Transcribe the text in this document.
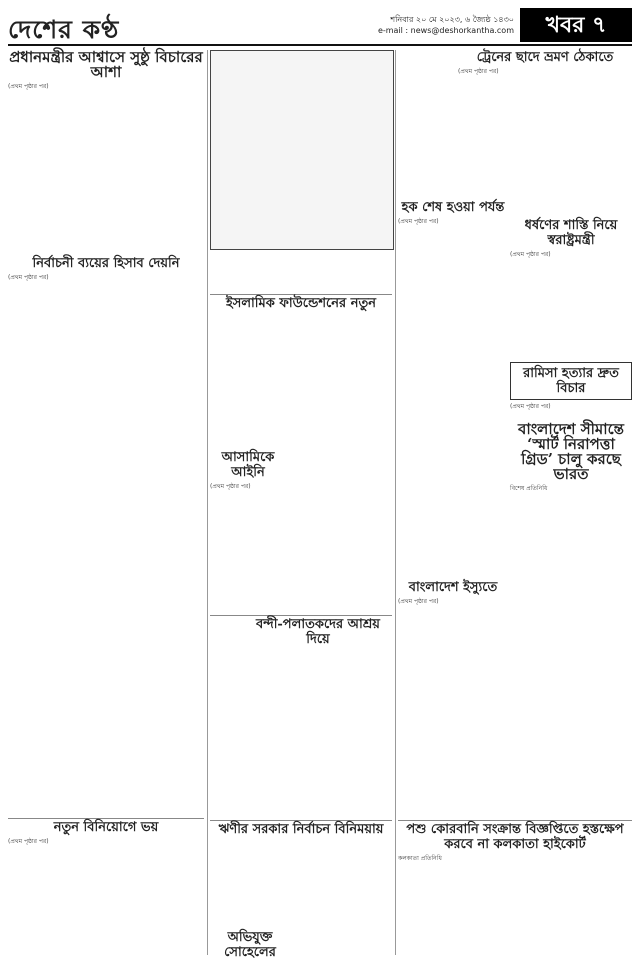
দেশের কণ্ঠ	শনিবার ২০ মে ২০২৩, ৬ জ্যৈষ্ঠ ১৪৩০
e-mail : news@deshorkantha.com	খবর ৭
প্রধানমন্ত্রীর আশ্বাসে সুষ্ঠু বিচারের আশা
(প্রথম পৃষ্ঠার পর)
নির্বাচনী ব্যয়ের হিসাব দেয়নি
(প্রথম পৃষ্ঠার পর)
নতুন বিনিয়োগে ভয়
(প্রথম পৃষ্ঠার পর)
ইসলামিক ফাউন্ডেশনের নতুন
আসামিকে আইনি
(প্রথম পৃষ্ঠার পর)
বন্দী-পলাতকদের আশ্রয় দিয়ে
ঋণীর সরকার নির্বাচন বিনিময়ায়
অভিযুক্ত সোহেলের
ট্রেনের ছাদে ভ্রমণ ঠেকাতে
(প্রথম পৃষ্ঠার পর)
হক শেষ হওয়া পর্যন্ত
(প্রথম পৃষ্ঠার পর)	ধর্ষণের শাস্তি নিয়ে স্বরাষ্ট্রমন্ত্রী
(প্রথম পৃষ্ঠার পর)
রামিসা হত্যার দ্রুত বিচার
(প্রথম পৃষ্ঠার পর)
বাংলাদেশ ইস্যুতে
(প্রথম পৃষ্ঠার পর)
বাংলাদেশ সীমান্তে ‘স্মার্ট নিরাপত্তা গ্রিড’ চালু করছে ভারত
বিশেষ প্রতিনিধি
পশু কোরবানি সংক্রান্ত বিজ্ঞপ্তিতে হস্তক্ষেপ করবে না কলকাতা হাইকোর্ট
কলকাতা প্রতিনিধি
